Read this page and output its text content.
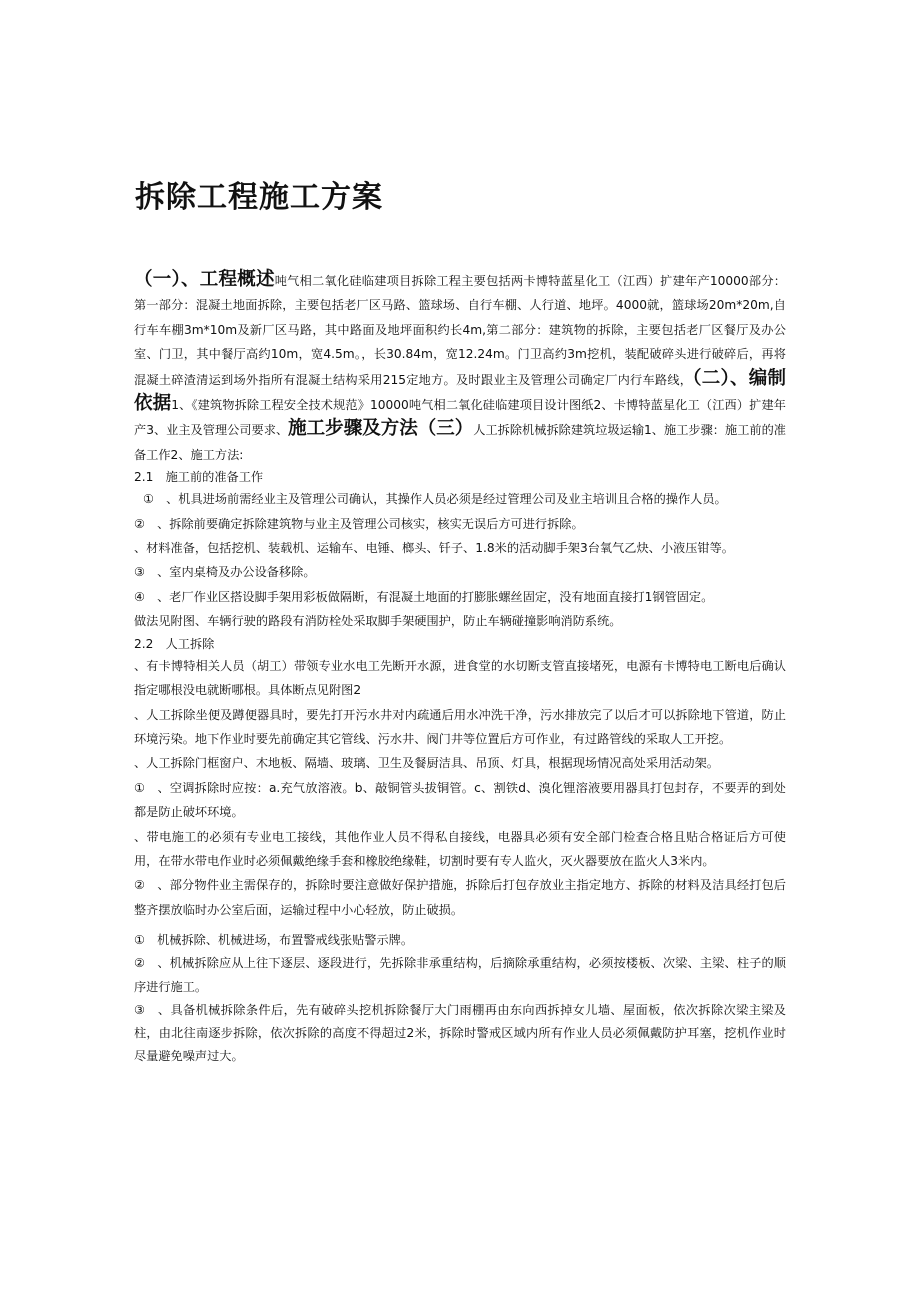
拆除工程施工方案

（一）、工程概述吨气相二氧化硅临建项目拆除工程主要包括两卡博特蓝星化工（江西）扩建年产10000部分：第一部分：混凝土地面拆除，主要包括老厂区马路、篮球场、自行车棚、人行道、地坪。4000就，篮球场20m*20m,自行车车棚3m*10m及新厂区马路，其中路面及地坪面积约长4m,第二部分：建筑物的拆除，主要包括老厂区餐厅及办公室、门卫，其中餐厅高约10m，宽4.5m。，长30.84m，宽12.24m。门卫高约3m挖机，装配破碎头进行破碎后，再将混凝土碎渣清运到场外指所有混凝土结构采用215定地方。及时跟业主及管理公司确定厂内行车路线，（二）、编制依据1、《建筑物拆除工程安全技术规范》10000吨气相二氧化硅临建项目设计图纸2、卡博特蓝星化工（江西）扩建年产3、业主及管理公司要求、施工步骤及方法（三）人工拆除机械拆除建筑垃圾运输1、施工步骤：施工前的准备工作2、施工方法:

2.1　施工前的准备工作

①　、机具进场前需经业主及管理公司确认，其操作人员必须是经过管理公司及业主培训且合格的操作人员。

②　、拆除前要确定拆除建筑物与业主及管理公司核实，核实无误后方可进行拆除。

、材料准备，包括挖机、装载机、运输车、电锤、榔头、钎子、1.8米的活动脚手架3台氧气乙炔、小液压钳等。

③　、室内桌椅及办公设备移除。

④　、老厂作业区搭设脚手架用彩板做隔断，有混凝土地面的打膨胀螺丝固定，没有地面直接打1钢管固定。

做法见附图、车辆行驶的路段有消防栓处采取脚手架硬围护，防止车辆碰撞影响消防系统。

2.2　人工拆除

、有卡博特相关人员（胡工）带领专业水电工先断开水源，进食堂的水切断支管直接堵死，电源有卡博特电工断电后确认指定哪根没电就断哪根。具体断点见附图2

、人工拆除坐便及蹲便器具时，要先打开污水井对内疏通后用水冲洗干净，污水排放完了以后才可以拆除地下管道，防止环境污染。地下作业时要先前确定其它管线、污水井、阀门井等位置后方可作业，有过路管线的采取人工开挖。

、人工拆除门框窗户、木地板、隔墙、玻璃、卫生及餐厨洁具、吊顶、灯具，根据现场情况高处采用活动架。

①　、空调拆除时应按：a.充气放溶液。b、敲铜管头拔铜管。c、割铁d、溴化锂溶液要用器具打包封存，不要弄的到处都是防止破坏环境。

、带电施工的必须有专业电工接线，其他作业人员不得私自接线，电器具必须有安全部门检查合格且贴合格证后方可使用，在带水带电作业时必须佩戴绝缘手套和橡胶绝缘鞋，切割时要有专人监火，灭火器要放在监火人3米内。

②　、部分物件业主需保存的，拆除时要注意做好保护措施，拆除后打包存放业主指定地方、拆除的材料及洁具经打包后整齐摆放临时办公室后面，运输过程中小心轻放，防止破损。

①　机械拆除、机械进场，布置警戒线张贴警示牌。

②　、机械拆除应从上往下逐层、逐段进行，先拆除非承重结构，后摘除承重结构，必须按楼板、次梁、主梁、柱子的顺序进行施工。

③　、具备机械拆除条件后，先有破碎头挖机拆除餐厅大门雨棚再由东向西拆掉女儿墙、屋面板，依次拆除次梁主梁及柱，由北往南逐步拆除，依次拆除的高度不得超过2米，拆除时警戒区域内所有作业人员必须佩戴防护耳塞，挖机作业时尽量避免噪声过大。
